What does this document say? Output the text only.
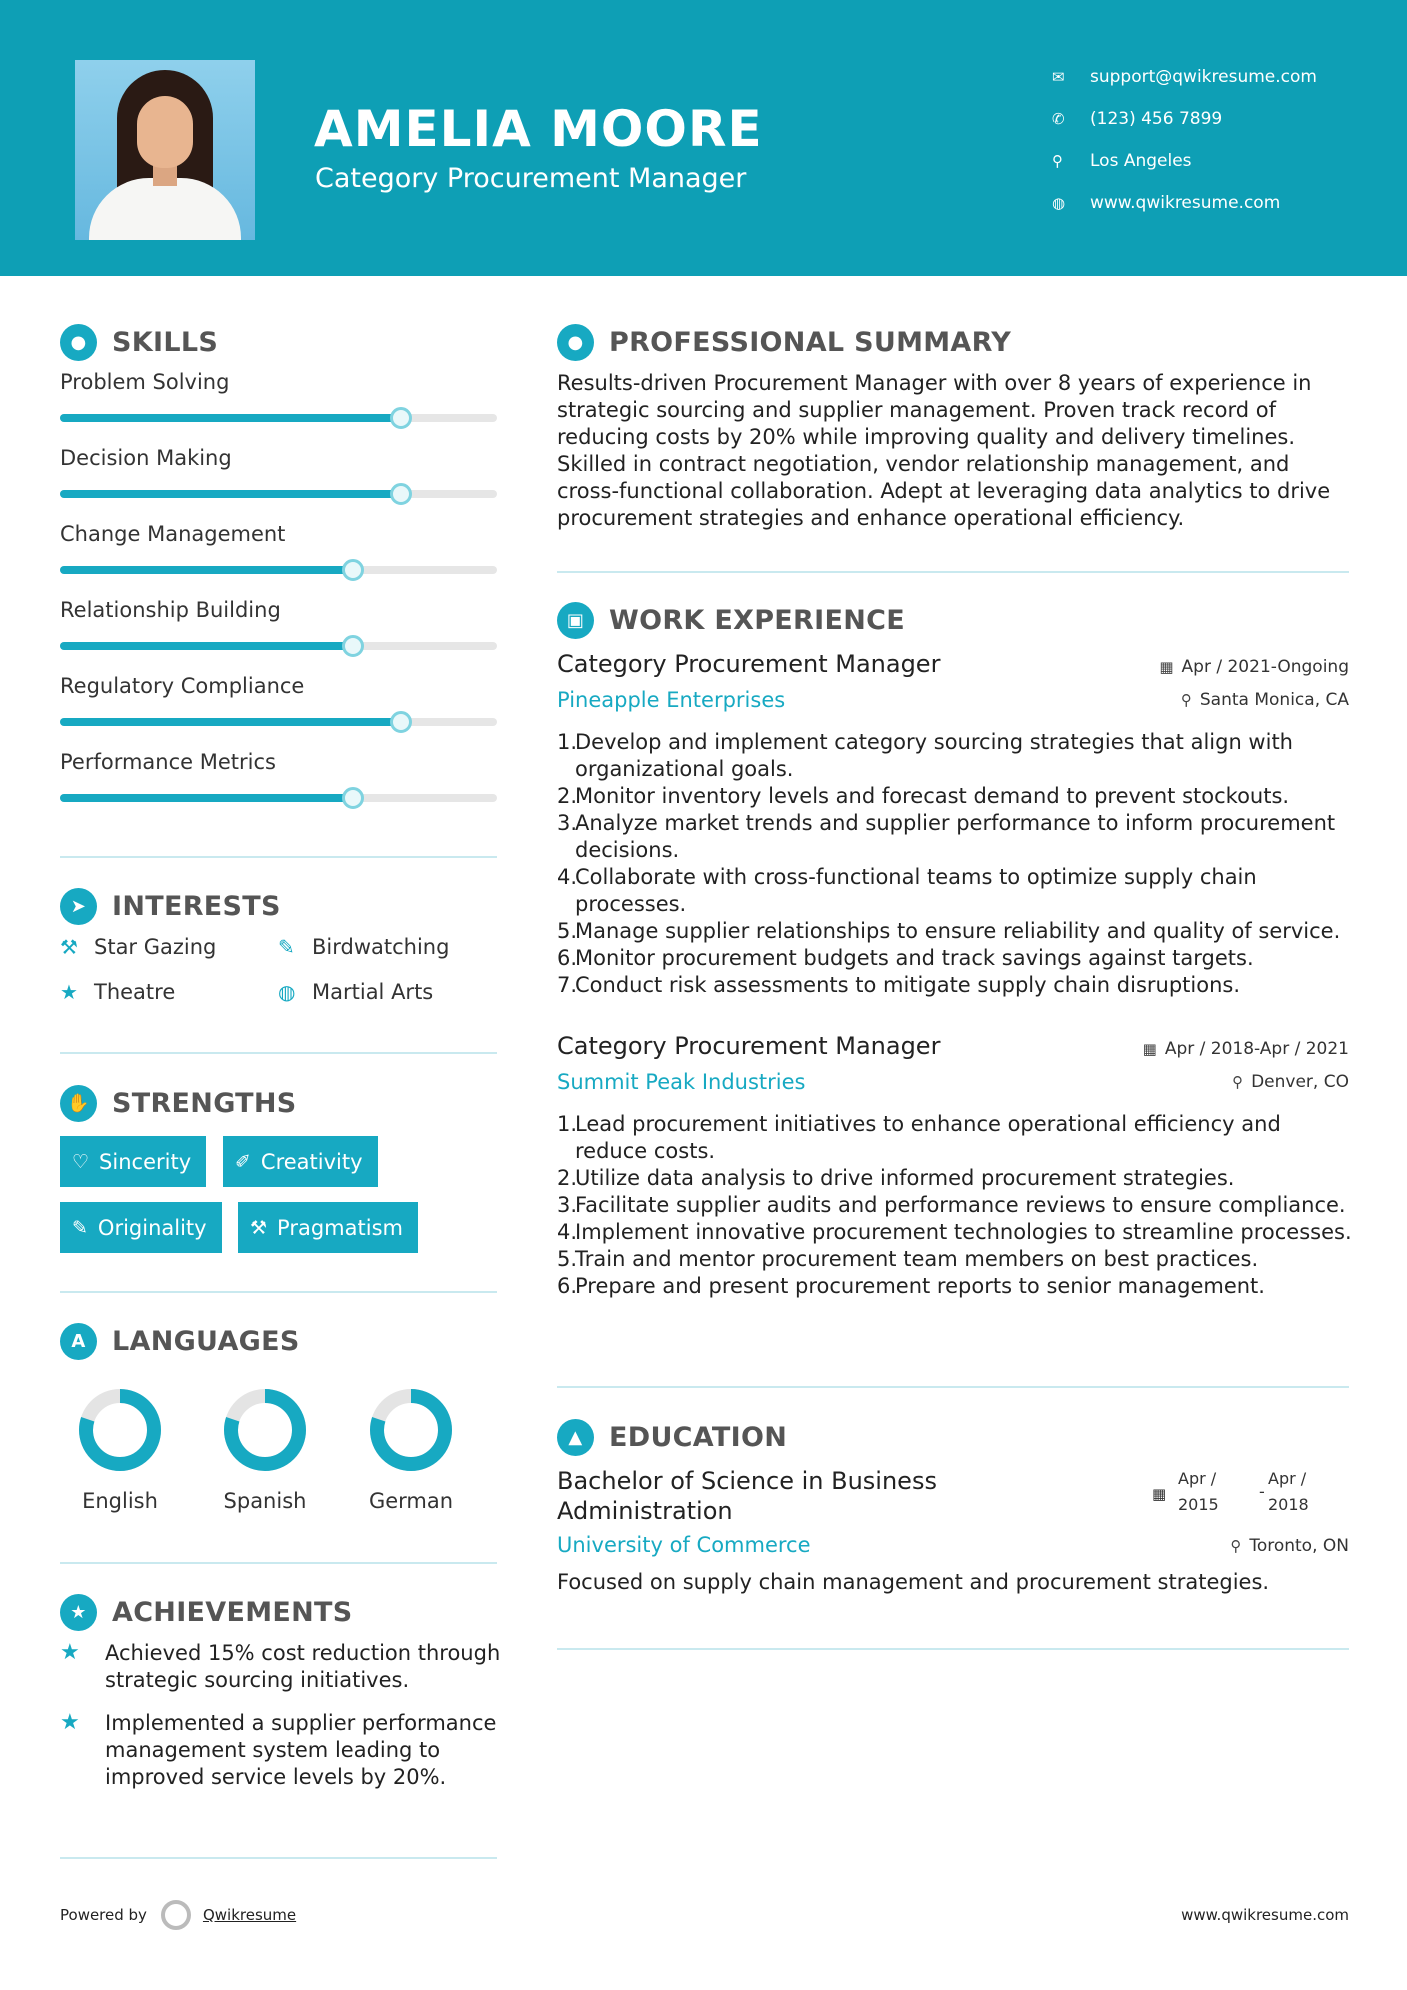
AMELIA MOORE
Category Procurement Manager
✉	support@qwikresume.com
✆	(123) 456 7899
⚲	Los Angeles
◍	www.qwikresume.com
● SKILLS
Problem Solving
Decision Making
Change Management
Relationship Building
Regulatory Compliance
Performance Metrics
➤ INTERESTS
⚒ Star Gazing	✎ Birdwatching
★ Theatre	◍ Martial Arts
✋ STRENGTHS
♡ Sincerity ✐ Creativity
✎ Originality ⚒ Pragmatism
A LANGUAGES
English	Spanish	German
★ ACHIEVEMENTS
★	Achieved 15% cost reduction through strategic sourcing initiatives.
★	Implemented a supplier performance management system leading to improved service levels by 20%.
● PROFESSIONAL SUMMARY
Results-driven Procurement Manager with over 8 years of experience in strategic sourcing and supplier management. Proven track record of reducing costs by 20% while improving quality and delivery timelines. Skilled in contract negotiation, vendor relationship management, and cross-functional collaboration. Adept at leveraging data analytics to drive procurement strategies and enhance operational efficiency.
▣ WORK EXPERIENCE
Category Procurement Manager	▦ Apr / 2021-Ongoing
Pineapple Enterprises	⚲ Santa Monica, CA
1.
Develop and implement category sourcing strategies that align with organizational goals.
2.
Monitor inventory levels and forecast demand to prevent stockouts.
3.
Analyze market trends and supplier performance to inform procurement decisions.
4.
Collaborate with cross-functional teams to optimize supply chain processes.
5.
Manage supplier relationships to ensure reliability and quality of service.
6.
Monitor procurement budgets and track savings against targets.
7.
Conduct risk assessments to mitigate supply chain disruptions.
Category Procurement Manager	▦ Apr / 2018-Apr / 2021
Summit Peak Industries	⚲ Denver, CO
1.
Lead procurement initiatives to enhance operational efficiency and reduce costs.
2.
Utilize data analysis to drive informed procurement strategies.
3.
Facilitate supplier audits and performance reviews to ensure compliance.
4.
Implement innovative procurement technologies to streamline processes.
5.
Train and mentor procurement team members on best practices.
6.
Prepare and present procurement reports to senior management.
▲ EDUCATION
Bachelor of Science in Business
Administration
▦
Apr /
2015
-
Apr /
2018
University of Commerce	⚲ Toronto, ON
Focused on supply chain management and procurement strategies.
Powered by	Qwikresume	www.qwikresume.com
